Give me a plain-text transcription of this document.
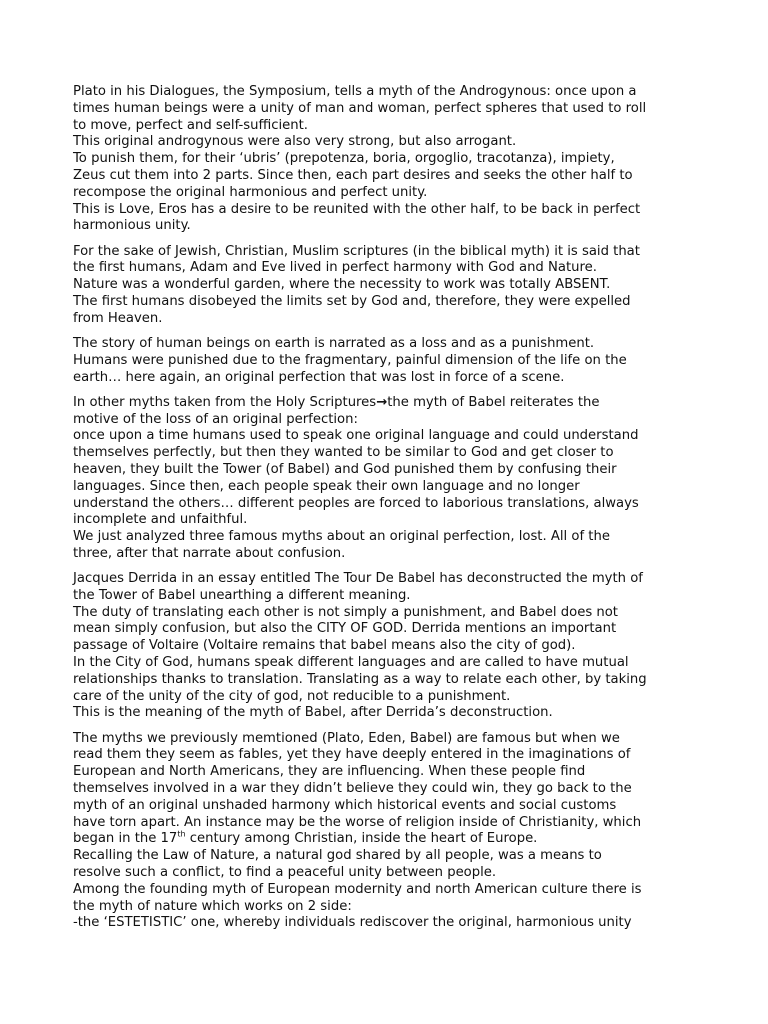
Plato in his Dialogues, the Symposium, tells a myth of the Androgynous: once upon a
times human beings were a unity of man and woman, perfect spheres that used to roll
to move, perfect and self-sufficient.
This original androgynous were also very strong, but also arrogant.
To punish them, for their ‘ubris’ (prepotenza, boria, orgoglio, tracotanza), impiety,
Zeus cut them into 2 parts. Since then, each part desires and seeks the other half to
recompose the original harmonious and perfect unity.
This is Love, Eros has a desire to be reunited with the other half, to be back in perfect
harmonious unity.

For the sake of Jewish, Christian, Muslim scriptures (in the biblical myth) it is said that
the first humans, Adam and Eve lived in perfect harmony with God and Nature.
Nature was a wonderful garden, where the necessity to work was totally ABSENT.
The first humans disobeyed the limits set by God and, therefore, they were expelled
from Heaven.

The story of human beings on earth is narrated as a loss and as a punishment.
Humans were punished due to the fragmentary, painful dimension of the life on the
earth… here again, an original perfection that was lost in force of a scene.

In other myths taken from the Holy Scriptures→the myth of Babel reiterates the
motive of the loss of an original perfection:
once upon a time humans used to speak one original language and could understand
themselves perfectly, but then they wanted to be similar to God and get closer to
heaven, they built the Tower (of Babel) and God punished them by confusing their
languages. Since then, each people speak their own language and no longer
understand the others… different peoples are forced to laborious translations, always
incomplete and unfaithful.
We just analyzed three famous myths about an original perfection, lost. All of the
three, after that narrate about confusion.

Jacques Derrida in an essay entitled The Tour De Babel has deconstructed the myth of
the Tower of Babel unearthing a different meaning.
The duty of translating each other is not simply a punishment, and Babel does not
mean simply confusion, but also the CITY OF GOD. Derrida mentions an important
passage of Voltaire (Voltaire remains that babel means also the city of god).
In the City of God, humans speak different languages and are called to have mutual
relationships thanks to translation. Translating as a way to relate each other, by taking
care of the unity of the city of god, not reducible to a punishment.
This is the meaning of the myth of Babel, after Derrida’s deconstruction.

The myths we previously memtioned (Plato, Eden, Babel) are famous but when we
read them they seem as fables, yet they have deeply entered in the imaginations of
European and North Americans, they are influencing. When these people find
themselves involved in a war they didn’t believe they could win, they go back to the
myth of an original unshaded harmony which historical events and social customs
have torn apart. An instance may be the worse of religion inside of Christianity, which
began in the 17th century among Christian, inside the heart of Europe.
Recalling the Law of Nature, a natural god shared by all people, was a means to
resolve such a conflict, to find a peaceful unity between people.
Among the founding myth of European modernity and north American culture there is
the myth of nature which works on 2 side:
-the ‘ESTETISTIC’ one, whereby individuals rediscover the original, harmonious unity
